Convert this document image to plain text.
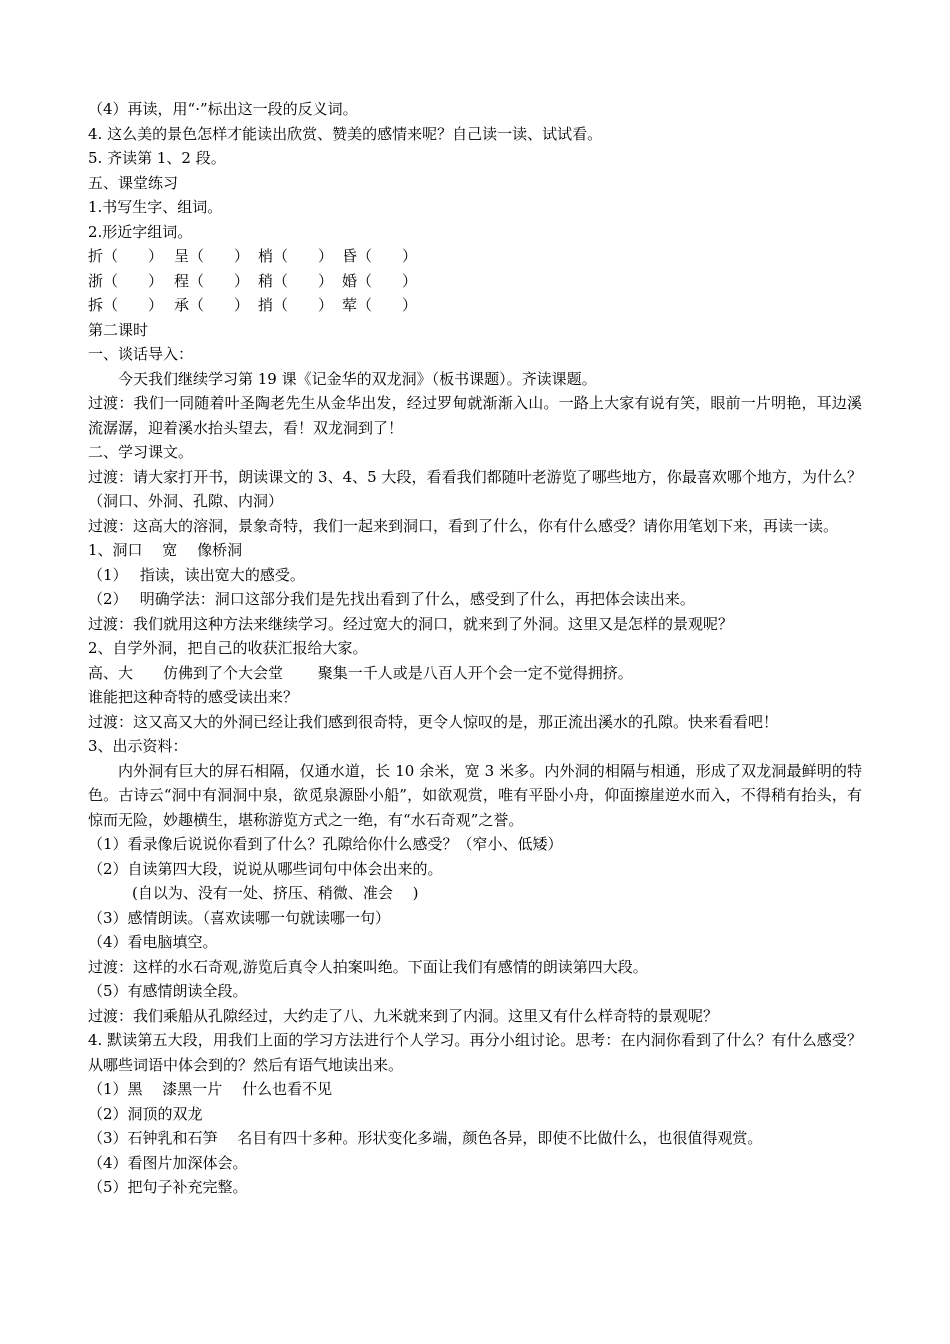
（4）再读，用“·”标出这一段的反义词。
4. 这么美的景色怎样才能读出欣赏、赞美的感情来呢？自己读一读、试试看。
5. 齐读第 1、2 段。
五、课堂练习
1.书写生字、组词。
2.形近字组词。
折（　　） 呈（　　） 梢（　　） 昏（　　）
浙（　　） 程（　　） 稍（　　） 婚（　　）
拆（　　） 承（　　） 捎（　　） 荤（　　）
第二课时
一、谈话导入：
今天我们继续学习第 19 课《记金华的双龙洞》（板书课题）。齐读课题。
过渡：我们一同随着叶圣陶老先生从金华出发，经过罗甸就渐渐入山。一路上大家有说有笑，眼前一片明艳，耳边溪流潺潺，迎着溪水抬头望去，看！双龙洞到了！
二、学习课文。
过渡：请大家打开书，朗读课文的 3、4、5 大段，看看我们都随叶老游览了哪些地方，你最喜欢哪个地方，为什么？（洞口、外洞、孔隙、内洞）
过渡：这高大的溶洞，景象奇特，我们一起来到洞口，看到了什么，你有什么感受？请你用笔划下来，再读一读。
1、洞口　 宽　 像桥洞
（1）　 指读，读出宽大的感受。
（2）　 明确学法：洞口这部分我们是先找出看到了什么，感受到了什么，再把体会读出来。
过渡：我们就用这种方法来继续学习。经过宽大的洞口，就来到了外洞。这里又是怎样的景观呢？
2、自学外洞，把自己的收获汇报给大家。
高、大　　仿佛到了个大会堂　　 聚集一千人或是八百人开个会一定不觉得拥挤。
谁能把这种奇特的感受读出来？
过渡：这又高又大的外洞已经让我们感到很奇特，更令人惊叹的是，那正流出溪水的孔隙。快来看看吧！
3、出示资料：
内外洞有巨大的屏石相隔，仅通水道，长 10 余米，宽 3 米多。内外洞的相隔与相通，形成了双龙洞最鲜明的特色。古诗云“洞中有洞洞中泉，欲觅泉源卧小船”，如欲观赏，唯有平卧小舟，仰面擦崖逆水而入，不得稍有抬头，有惊而无险，妙趣横生，堪称游览方式之一绝，有“水石奇观”之誉。
（1）看录像后说说你看到了什么？孔隙给你什么感受？（窄小、低矮）
（2）自读第四大段，说说从哪些词句中体会出来的。
(自以为、没有一处、挤压、稍微、准会　 )
（3）感情朗读。（喜欢读哪一句就读哪一句）
（4）看电脑填空。
过渡：这样的水石奇观,游览后真令人拍案叫绝。下面让我们有感情的朗读第四大段。
（5）有感情朗读全段。
过渡：我们乘船从孔隙经过，大约走了八、九米就来到了内洞。这里又有什么样奇特的景观呢？
4. 默读第五大段，用我们上面的学习方法进行个人学习。再分小组讨论。思考：在内洞你看到了什么？有什么感受？从哪些词语中体会到的？然后有语气地读出来。
（1）黑　 漆黑一片　 什么也看不见
（2）洞顶的双龙
（3）石钟乳和石笋　 名目有四十多种。形状变化多端，颜色各异，即使不比做什么，也很值得观赏。
（4）看图片加深体会。
（5）把句子补充完整。
